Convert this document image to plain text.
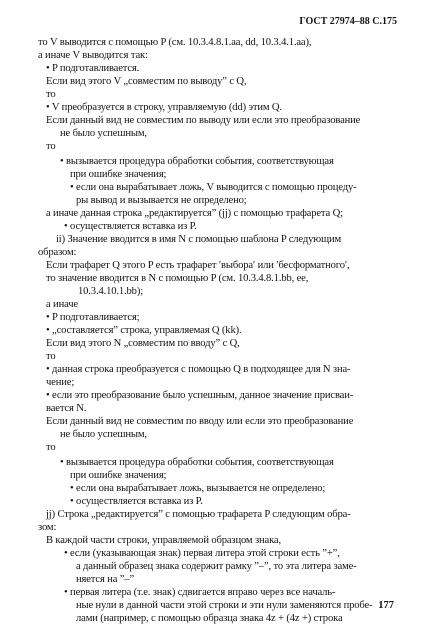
ГОСТ 27974–88 С.175
то V выводится с помощью P (см. 10.3.4.8.1.aa, dd, 10.3.4.1.aa),
а иначе V выводится так:
• P подготавливается.
Если вид этого V „совместим по выводу” с Q,
то
• V преобразуется в строку, управляемую (dd) этим Q.
Если данный вид не совместим по выводу или если это преобразование
не было успешным,
то
• вызывается процедура обработки события, соответствующая
при ошибке значения;
• если она вырабатывает ложь, V выводится с помощью процеду-
ры вывод и вызывается не определено;
а иначе данная строка „редактируется” (jj) с помощью трафарета Q;
• осуществляется вставка из P.
ii) Значение вводится в имя N с помощью шаблона P следующим
образом:
Если трафарет Q этого P есть трафарет ʹвыбораʹ или ʹбесформатногоʹ,
то значение вводится в N с помощью P (см. 10.3.4.8.1.bb, ee,
10.3.4.10.1.bb);
а иначе
• P подготавливается;
• „составляется” строка, управляемая Q (kk).
Если вид этого N „совместим по вводу” с Q,
то
• данная строка преобразуется с помощью Q в подходящее для N зна-
чение;
• если это преобразование было успешным, данное значение присваи-
вается N.
Если данный вид не совместим по вводу или если это преобразование
не было успешным,
то
• вызывается процедура обработки события, соответствующая
при ошибке значения;
• если она вырабатывает ложь, вызывается не определено;
• осуществляется вставка из P.
jj) Строка „редактируется” с помощью трафарета P следующим обра-
зом:
В каждой части строки, управляемой образцом знака,
• если (указывающая знак) первая литера этой строки есть ”+”,
а данный образец знака содержит рамку ”–”, то эта литера заме-
няется на ”–”
• первая литера (т.е. знак) сдвигается вправо через все началь-
ные нули в данной части этой строки и эти нули заменяются пробе-
лами (например, с помощью образца знака 4z + (4z +) строка
177
